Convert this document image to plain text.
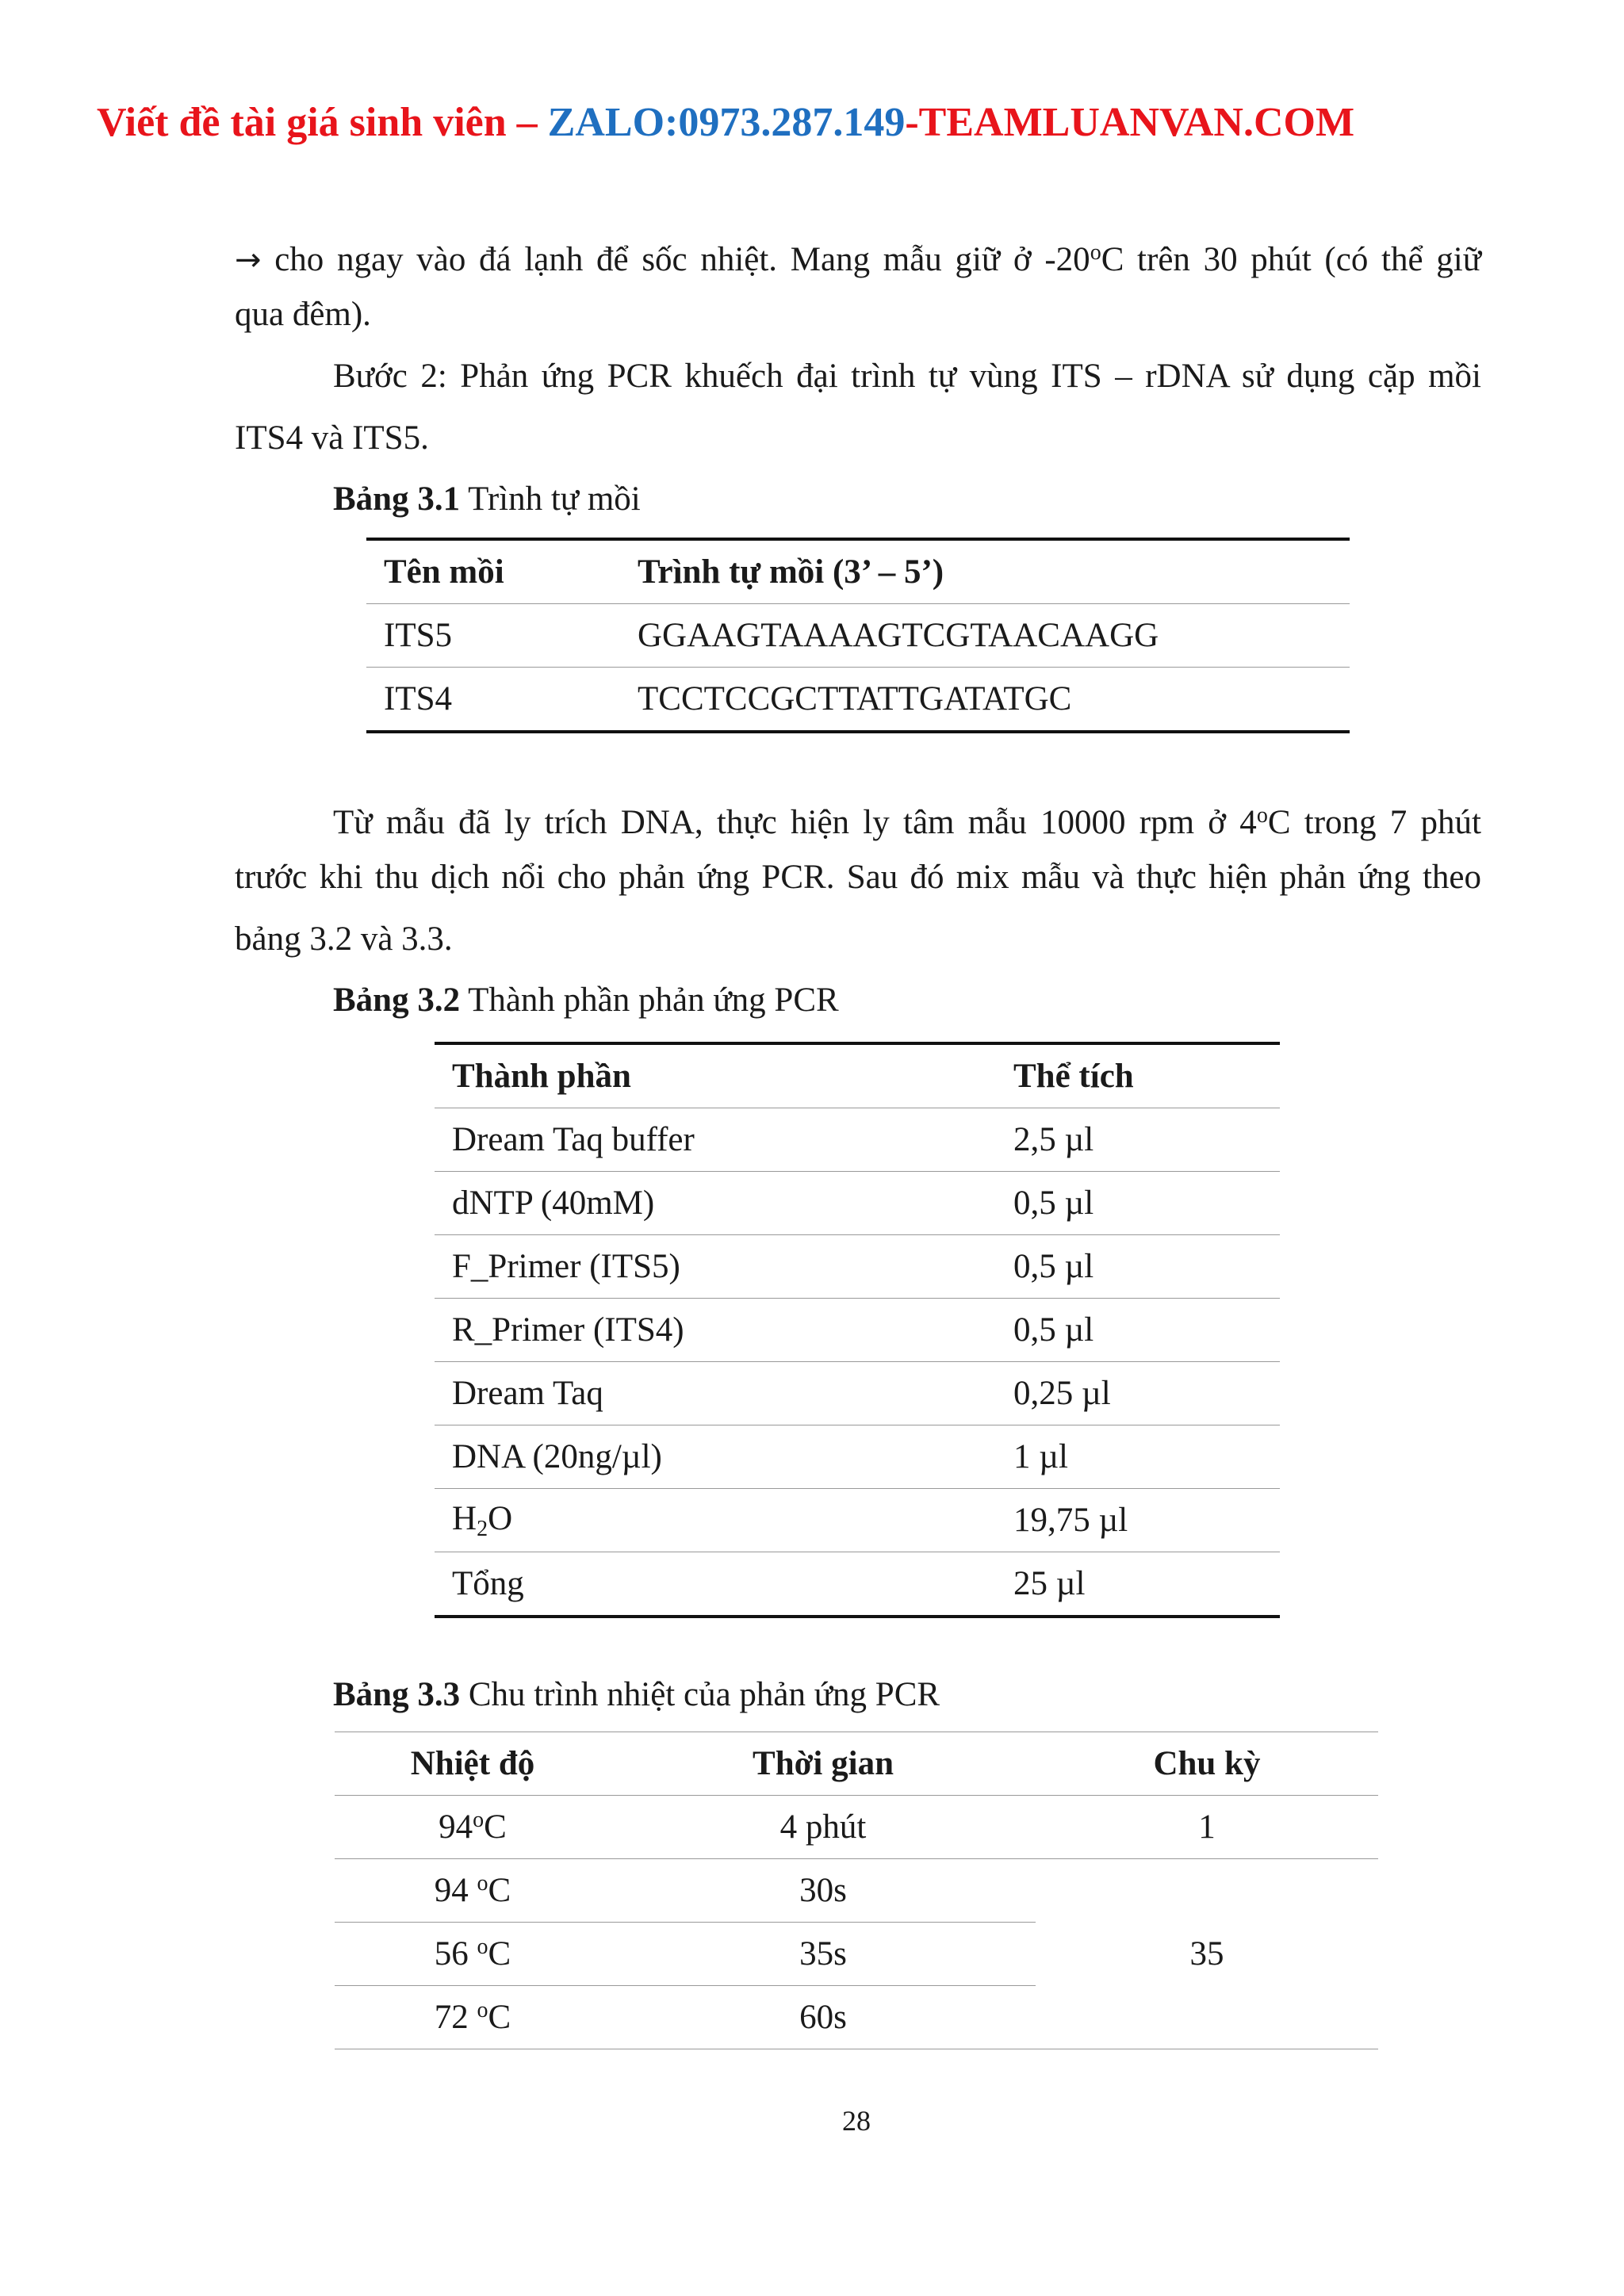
Viết đề tài giá sinh viên – ZALO:0973.287.149-TEAMLUANVAN.COM
→ cho ngay vào đá lạnh để sốc nhiệt. Mang mẫu giữ ở -20$^o$C trên 30 phút (có thể giữ
qua đêm).
Bước 2: Phản ứng PCR khuếch đại trình tự vùng ITS – rDNA sử dụng cặp mồi
ITS4 và ITS5.
Bảng 3.1 Trình tự mồi
Tên mồi	Trình tự mồi (3’ – 5’)
ITS5	GGAAGTAAAAGTCGTAACAAGG
ITS4	TCCTCCGCTTATTGATATGC
Từ mẫu đã ly trích DNA, thực hiện ly tâm mẫu 10000 rpm ở 4$^o$C trong 7 phút
trước khi thu dịch nổi cho phản ứng PCR. Sau đó mix mẫu và thực hiện phản ứng theo
bảng 3.2 và 3.3.
Bảng 3.2 Thành phần phản ứng PCR
Thành phần	Thể tích
Dream Taq buffer	2,5 µl
dNTP (40mM)	0,5 µl
F_Primer (ITS5)	0,5 µl
R_Primer (ITS4)	0,5 µl
Dream Taq	0,25 µl
DNA (20ng/µl)	1 µl
$H_2O$	19,75 µl
Tổng	25 µl
Bảng 3.3 Chu trình nhiệt của phản ứng PCR
Nhiệt độ	Thời gian	Chu kỳ
94$^o$C	4 phút	1
94 $^o$C	30s	35
56 $^o$C	35s	
72 $^o$C	60s	
28
